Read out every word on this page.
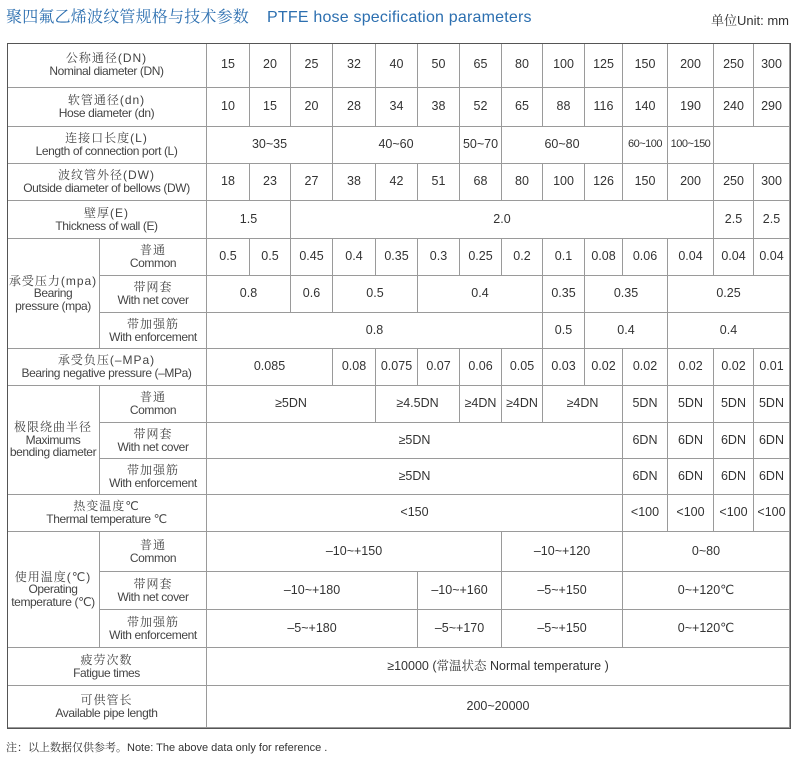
聚四氟乙烯波纹管规格与技术参数 PTFE hose specification parameters	单位Unit: mm
公称通径(DN)
Nominal diameter (DN)	15	20	25	32	40	50	65	80	100	125	150	200	250	300
软管通径(dn)
Hose diameter (dn)	10	15	20	28	34	38	52	65	88	116	140	190	240	290
连接口长度(L)
Length of connection port (L)	30~35	40~60	50~70	60~80	60~100 100~150
波纹管外径(DW)
Outside diameter of bellows (DW)	18	23	27	38	42	51	68	80	100	126	150	200	250	300
壁厚(E)
Thickness of wall (E)	1.5	2.0	2.5	2.5
承受压力(mpa)
Bearing
pressure (mpa)
普通
Common	0.5	0.5	0.45	0.4	0.35	0.3	0.25	0.2	0.1	0.08	0.06	0.04	0.04	0.04
带网套
With net cover	0.8	0.6	0.5	0.4	0.35	0.35	0.25
带加强筋
With enforcement	0.8	0.5	0.4	0.4
承受负压(–MPa)
Bearing negative pressure (–MPa)	0.085	0.08	0.075	0.07	0.06	0.05	0.03	0.02	0.02	0.02	0.02	0.01
极限绕曲半径
Maximums
bending diameter
普通
Common	≥5DN	≥4.5DN	≥4DN ≥4DN	≥4DN	5DN	5DN	5DN	5DN
带网套
With net cover	≥5DN	6DN	6DN	6DN	6DN
带加强筋
With enforcement	≥5DN	6DN	6DN	6DN	6DN
热变温度℃
Thermal temperature ℃	<150	<100	<100	<100 <100
使用温度(℃)
Operating
temperature (℃)
普通
Common	–10~+150	–10~+120	0~80
带网套
With net cover	–10~+180	–10~+160	–5~+150	0~+120℃
带加强筋
With enforcement	–5~+180	–5~+170	–5~+150	0~+120℃
疲劳次数
Fatigue times	≥10000 (常温状态 Normal temperature )
可供管长
Available pipe length	200~20000
注：以上数据仅供参考。Note: The above data only for reference .
